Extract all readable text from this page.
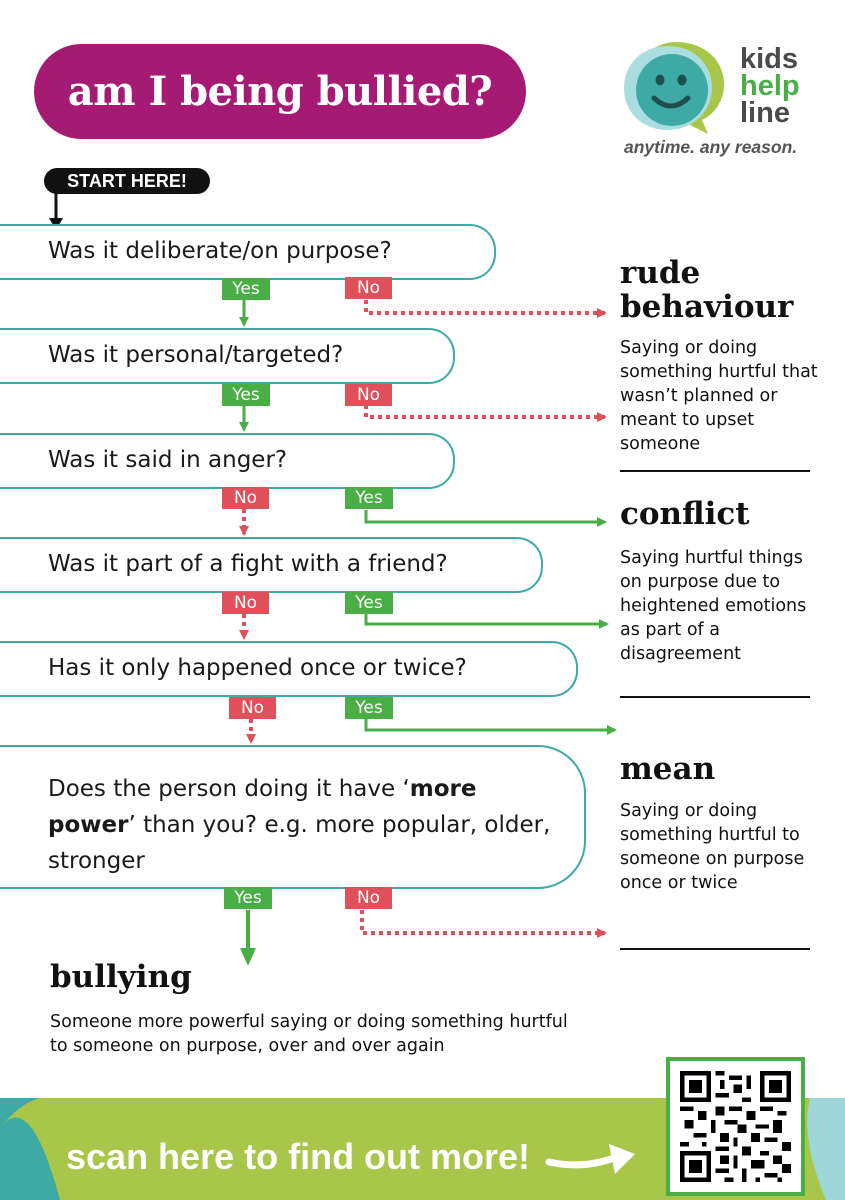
am I being bullied?
kids
help
line
anytime. any reason.
START HERE!
Was it deliberate/on purpose?
Was it personal/targeted?
Was it said in anger?
Was it part of a fight with a friend?
Has it only happened once or twice?
Does the person doing it have ‘more power’ than you? e.g. more popular, older, stronger
Yes	No
Yes	No
No	Yes
No	Yes
No	Yes
Yes	No
rude
behaviour
Saying or doing something hurtful that wasn’t planned or meant to upset someone
conflict
Saying hurtful things on purpose due to heightened emotions as part of a disagreement
mean
Saying or doing something hurtful to someone on purpose once or twice
bullying
Someone more powerful saying or doing something hurtful to someone on purpose, over and over again
scan here to find out more!
